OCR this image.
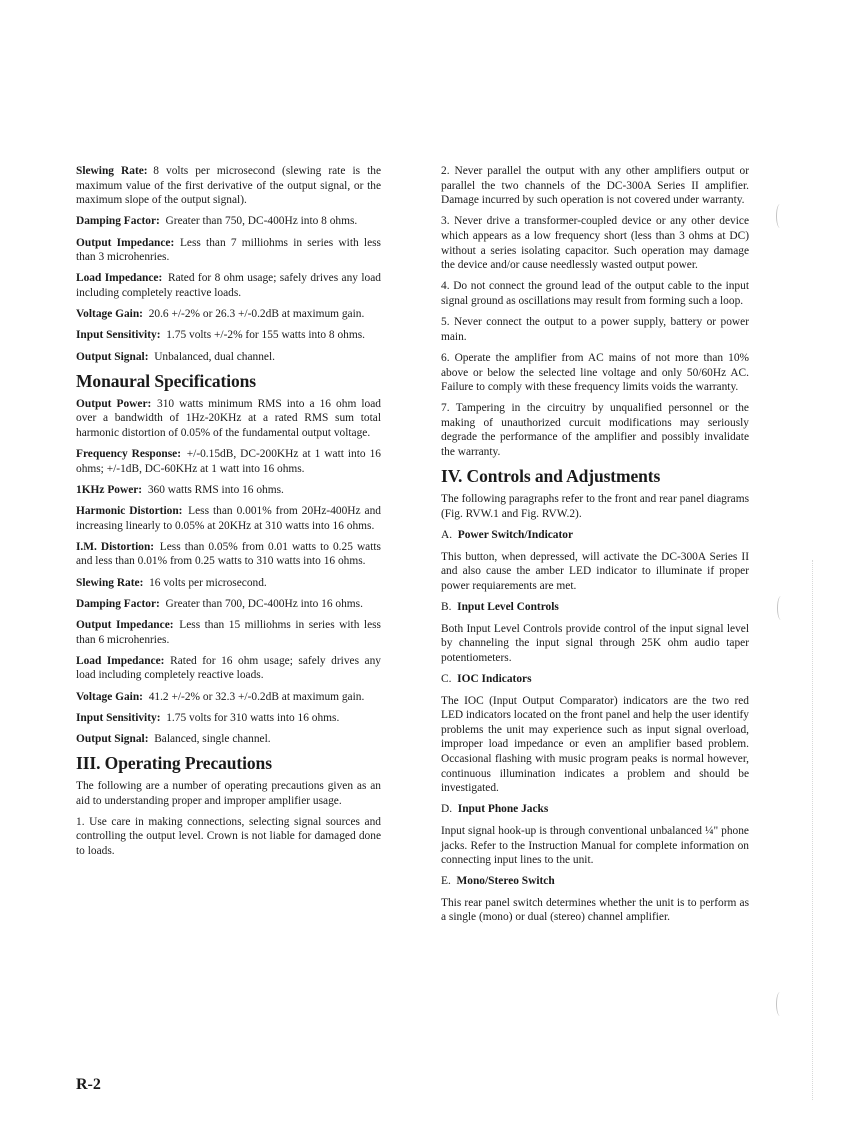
Slewing Rate:  8 volts per microsecond (slewing rate is the maximum value of the first derivative of the output signal, or the maximum slope of the output signal).

Damping Factor:  Greater than 750, DC-400Hz into 8 ohms.

Output Impedance:  Less than 7 milliohms in series with less than 3 microhenries.

Load Impedance:  Rated for 8 ohm usage; safely drives any load including completely reactive loads.

Voltage Gain:  20.6 +/-2% or 26.3 +/-0.2dB at maximum gain.

Input Sensitivity:  1.75 volts +/-2% for 155 watts into 8 ohms.

Output Signal:  Unbalanced, dual channel.

Monaural Specifications

Output Power:  310 watts minimum RMS into a 16 ohm load over a bandwidth of 1Hz-20KHz at a rated RMS sum total harmonic distortion of 0.05% of the fundamental output voltage.

Frequency Response:  +/-0.15dB, DC-200KHz at 1 watt into 16 ohms; +/-1dB, DC-60KHz at 1 watt into 16 ohms.

1KHz Power:  360 watts RMS into 16 ohms.

Harmonic Distortion:  Less than 0.001% from 20Hz-400Hz and increasing linearly to 0.05% at 20KHz at 310 watts into 16 ohms.

I.M. Distortion:  Less than 0.05% from 0.01 watts to 0.25 watts and less than 0.01% from 0.25 watts to 310 watts into 16 ohms.

Slewing Rate:  16 volts per microsecond.

Damping Factor:  Greater than 700, DC-400Hz into 16 ohms.

Output Impedance:  Less than 15 milliohms in series with less than 6 microhenries.

Load Impedance:  Rated for 16 ohm usage; safely drives any load including completely reactive loads.

Voltage Gain:  41.2 +/-2% or 32.3 +/-0.2dB at maximum gain.

Input Sensitivity:  1.75 volts for 310 watts into 16 ohms.

Output Signal:  Balanced, single channel.

III. Operating Precautions

The following are a number of operating precautions given as an aid to understanding proper and improper amplifier usage.

1. Use care in making connections, selecting signal sources and controlling the output level. Crown is not liable for damaged done to loads.

2. Never parallel the output with any other amplifiers output or parallel the two channels of the DC-300A Series II amplifier. Damage incurred by such operation is not covered under warranty.

3. Never drive a transformer-coupled device or any other device which appears as a low frequency short (less than 3 ohms at DC) without a series isolating capacitor. Such operation may damage the device and/or cause needlessly wasted output power.

4. Do not connect the ground lead of the output cable to the input signal ground as oscillations may result from forming such a loop.

5. Never connect the output to a power supply, battery or power main.

6. Operate the amplifier from AC mains of not more than 10% above or below the selected line voltage and only 50/60Hz AC. Failure to comply with these frequency limits voids the warranty.

7. Tampering in the circuitry by unqualified personnel or the making of unauthorized curcuit modifications may seriously degrade the performance of the amplifier and possibly invalidate the warranty.

IV. Controls and Adjustments

The following paragraphs refer to the front and rear panel diagrams (Fig. RVW.1 and Fig. RVW.2).

A.  Power Switch/Indicator

This button, when depressed, will activate the DC-300A Series II and also cause the amber LED indicator to illuminate if proper power requiarements are met.

B.  Input Level Controls

Both Input Level Controls provide control of the input signal level by channeling the input signal through 25K ohm audio taper potentiometers.

C.  IOC Indicators

The IOC (Input Output Comparator) indicators are the two red LED indicators located on the front panel and help the user identify problems the unit may experience such as input signal overload, improper load impedance or even an amplifier based problem. Occasional flashing with music program peaks is normal however, continuous illumination indicates a problem and should be investigated.

D.  Input Phone Jacks

Input signal hook-up is through conventional unbalanced ¼" phone jacks. Refer to the Instruction Manual for complete information on connecting input lines to the unit.

E.  Mono/Stereo Switch

This rear panel switch determines whether the unit is to perform as a single (mono) or dual (stereo) channel amplifier.

R-2
